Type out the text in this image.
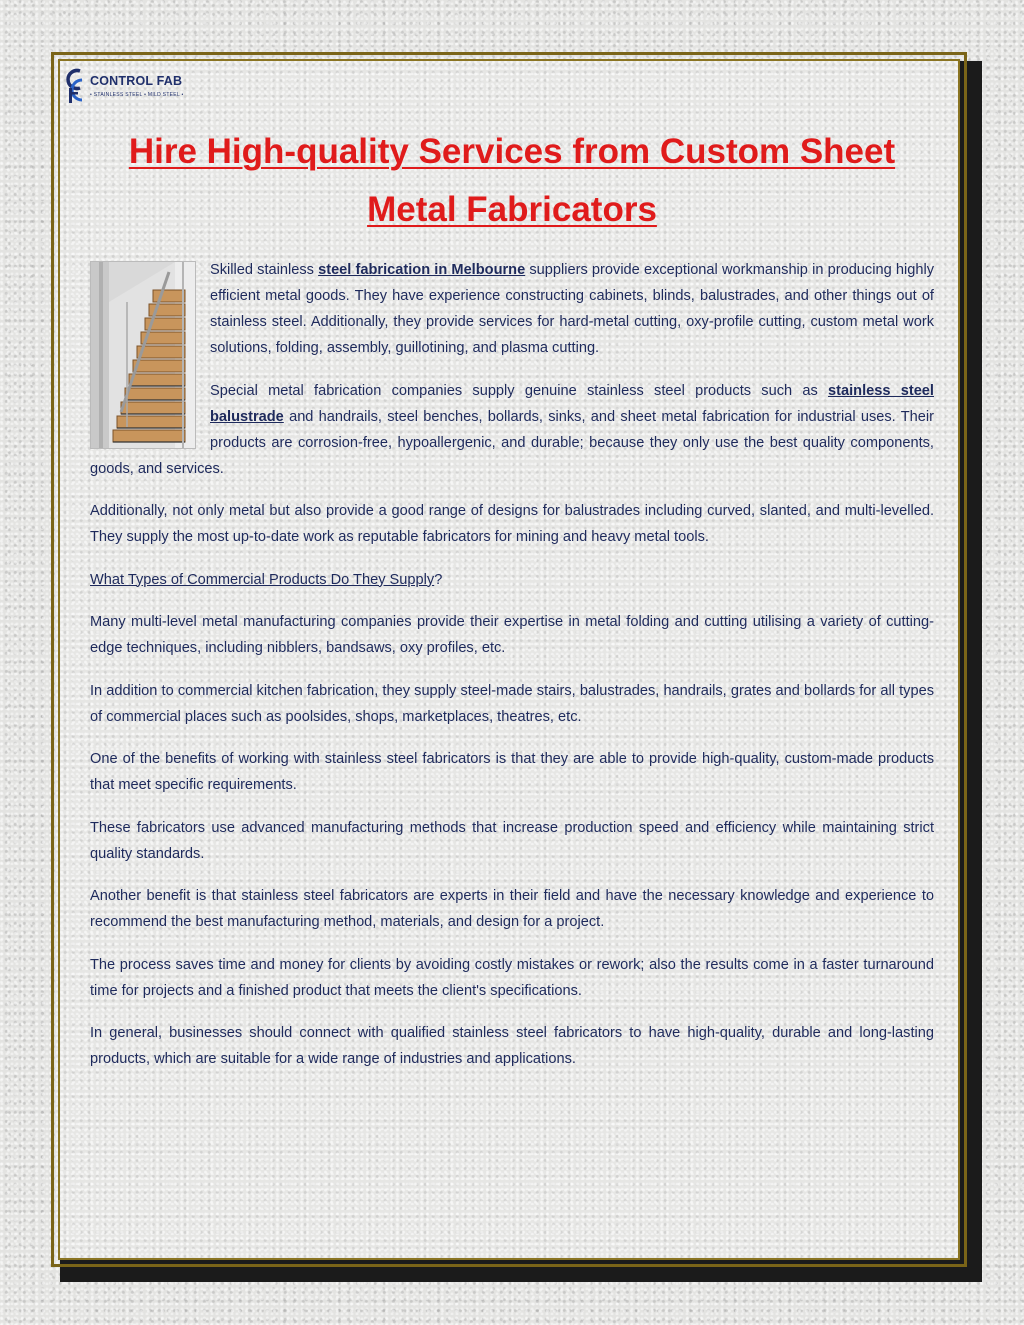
CONTROL FAB
• STAINLESS STEEL • MILD STEEL •
Hire High-quality Services from Custom Sheet Metal Fabricators

Skilled stainless steel fabrication in Melbourne suppliers provide exceptional workmanship in producing highly efficient metal goods. They have experience constructing cabinets, blinds, balustrades, and other things out of stainless steel. Additionally, they provide services for hard-metal cutting, oxy-profile cutting, custom metal work solutions, folding, assembly, guillotining, and plasma cutting.

Special metal fabrication companies supply genuine stainless steel products such as stainless steel balustrade and handrails, steel benches, bollards, sinks, and sheet metal fabrication for industrial uses. Their products are corrosion-free, hypoallergenic, and durable; because they only use the best quality components, goods, and services.

Additionally, not only metal but also provide a good range of designs for balustrades including curved, slanted, and multi-levelled. They supply the most up-to-date work as reputable fabricators for mining and heavy metal tools.

What Types of Commercial Products Do They Supply?

Many multi-level metal manufacturing companies provide their expertise in metal folding and cutting utilising a variety of cutting-edge techniques, including nibblers, bandsaws, oxy profiles, etc.

In addition to commercial kitchen fabrication, they supply steel-made stairs, balustrades, handrails, grates and bollards for all types of commercial places such as poolsides, shops, marketplaces, theatres, etc.

One of the benefits of working with stainless steel fabricators is that they are able to provide high-quality, custom-made products that meet specific requirements.

These fabricators use advanced manufacturing methods that increase production speed and efficiency while maintaining strict quality standards.

Another benefit is that stainless steel fabricators are experts in their field and have the necessary knowledge and experience to recommend the best manufacturing method, materials, and design for a project.

The process saves time and money for clients by avoiding costly mistakes or rework; also the results come in a faster turnaround time for projects and a finished product that meets the client's specifications.

In general, businesses should connect with qualified stainless steel fabricators to have high-quality, durable and long-lasting products, which are suitable for a wide range of industries and applications.
